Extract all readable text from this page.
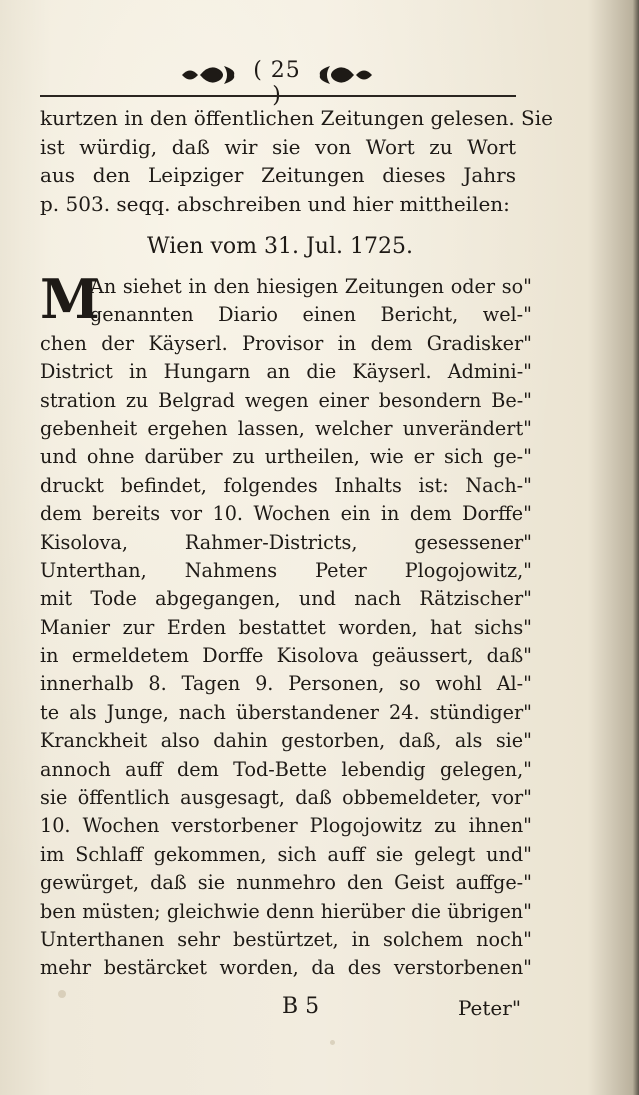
( 25 )
kurtzen in den öffentlichen Zeitungen gelesen. Sie
ist würdig, daß wir sie von Wort zu Wort
aus den Leipziger Zeitungen dieses Jahrs
p. 503. seqq. abschreiben und hier mittheilen:
Wien vom 31. Jul. 1725.
M
An siehet in den hiesigen Zeitungen oder so"
genannten Diario einen Bericht, wel-"
chen der Käyserl. Provisor in dem Gradisker"
District in Hungarn an die Käyserl. Admini-"
stration zu Belgrad wegen einer besondern Be-"
gebenheit ergehen lassen, welcher unverändert"
und ohne darüber zu urtheilen, wie er sich ge-"
druckt befindet, folgendes Inhalts ist: Nach-"
dem bereits vor 10. Wochen ein in dem Dorffe"
Kisolova, Rahmer-Districts, gesessener"
Unterthan, Nahmens Peter Plogojowitz,"
mit Tode abgegangen, und nach Rätzischer"
Manier zur Erden bestattet worden, hat sichs"
in ermeldetem Dorffe Kisolova geäussert, daß"
innerhalb 8. Tagen 9. Personen, so wohl Al-"
te als Junge, nach überstandener 24. stündiger"
Kranckheit also dahin gestorben, daß, als sie"
annoch auff dem Tod-Bette lebendig gelegen,"
sie öffentlich ausgesagt, daß obbemeldeter, vor"
10. Wochen verstorbener Plogojowitz zu ihnen"
im Schlaff gekommen, sich auff sie gelegt und"
gewürget, daß sie nunmehro den Geist auffge-"
ben müsten; gleichwie denn hierüber die übrigen"
Unterthanen sehr bestürtzet, in solchem noch"
mehr bestärcket worden, da des verstorbenen"
B 5	Peter"
